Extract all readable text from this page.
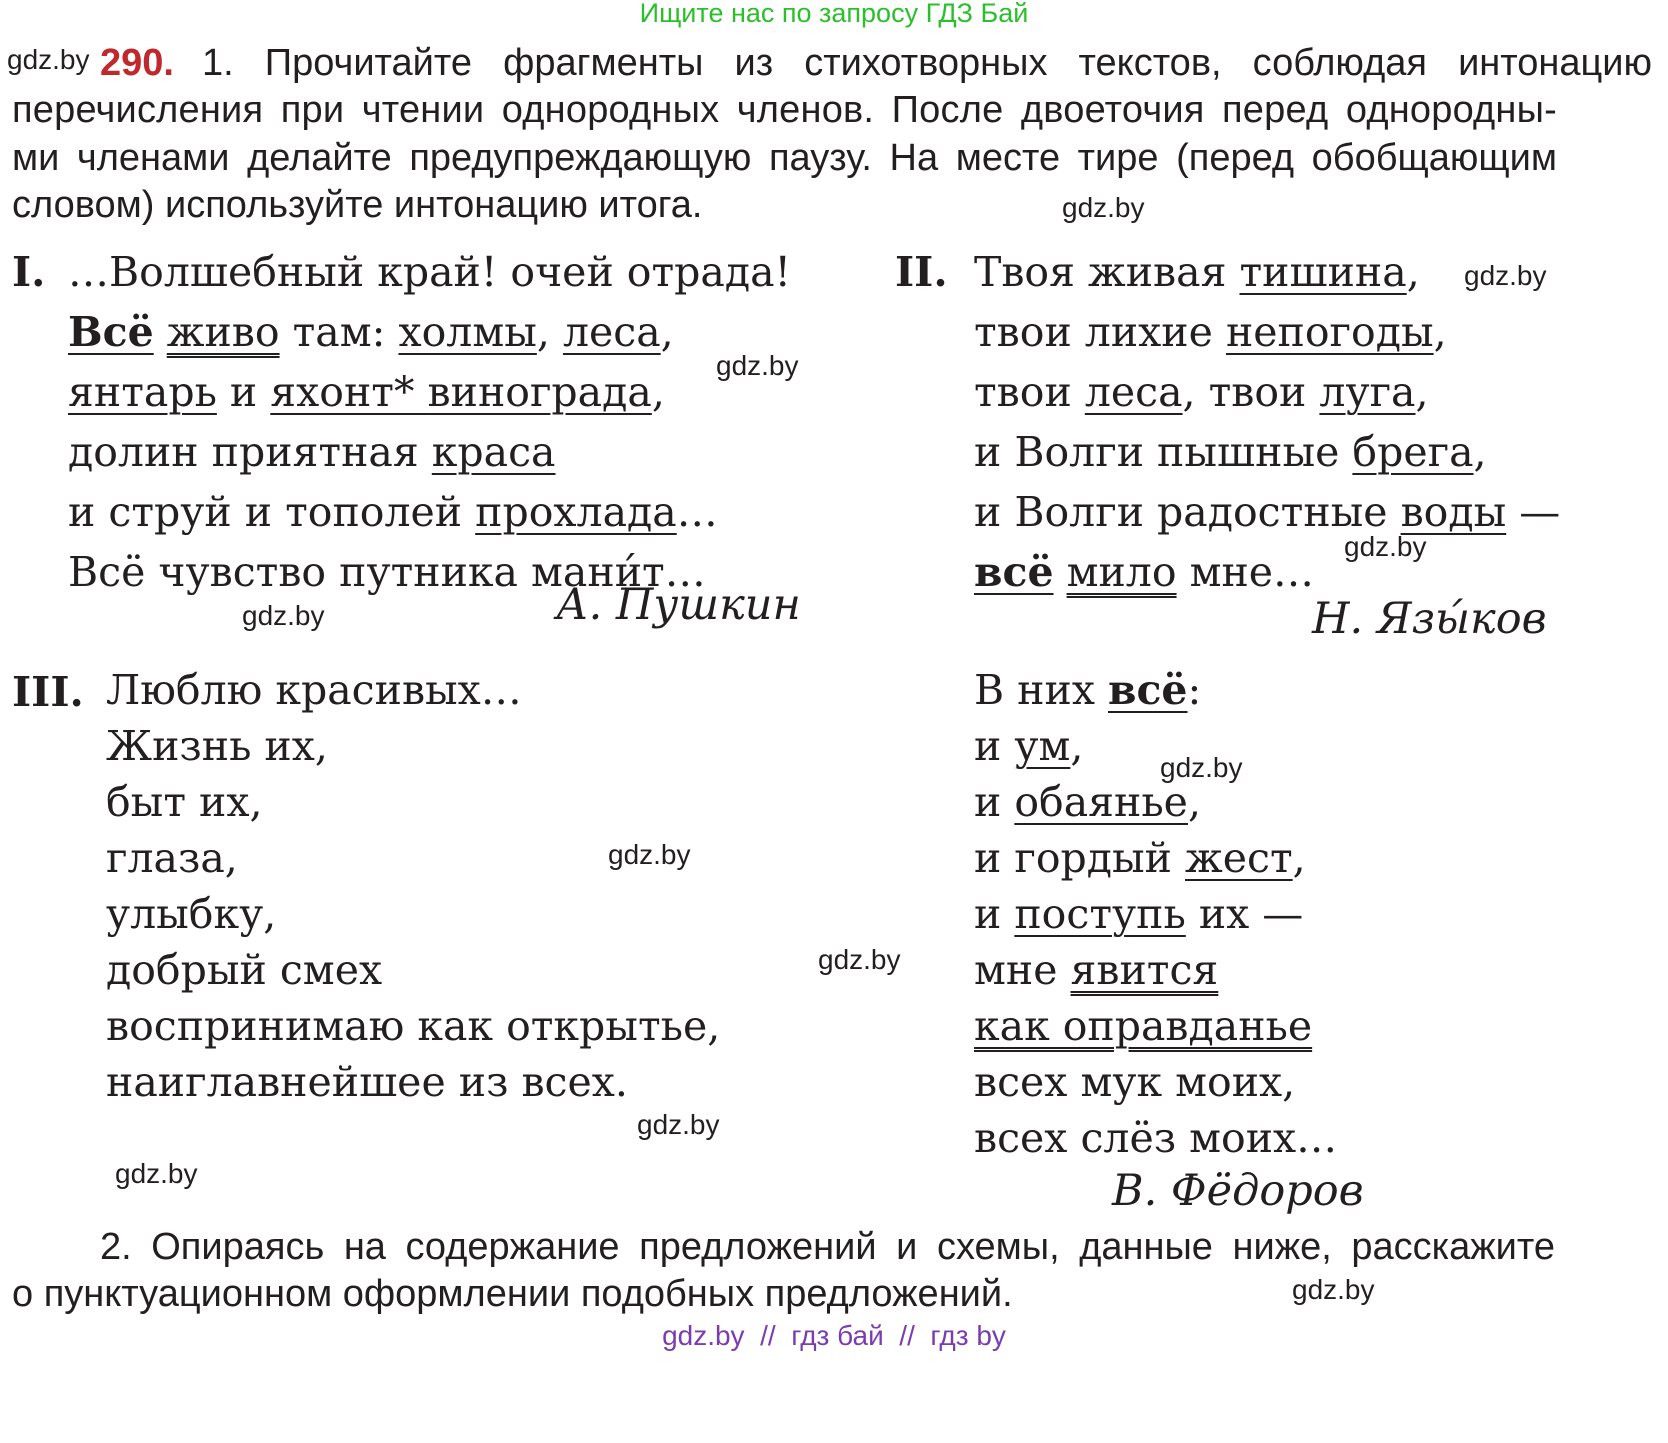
Ищите нас по запросу ГДЗ Бай
gdz.by 290. 1. Прочитайте фрагменты из стихотворных текстов, соблюдая интонацию
перечисления при чтении однородных членов. После двоеточия перед однородны-
ми членами делайте предупреждающую паузу. На месте тире (перед обобщающим
словом) используйте интонацию итога.	gdz.by
I. …Волшебный край! очей отрада!
Всё живо там: холмы, леса,
янтарь и яхонт* винограда,
долин приятная краса
и струй и тополей прохлада…
Всё чувство путника мани́т…
gdz.by
gdz.by	А. Пушкин
II. Твоя живая тишина,
твои лихие непогоды,
твои леса, твои луга,
и Волги пышные брега,
и Волги радостные воды —
всё мило мне…
gdz.by
gdz.by
Н. Язы́ков
III. Люблю красивых…
Жизнь их,
быт их,
глаза,
улыбку,
добрый смех
воспринимаю как открытье,
наиглавнейшее из всех.
gdz.by
gdz.by
gdz.by
gdz.by
В них всё:
и ум,
и обаянье,
и гордый жест,
и поступь их —
мне явится
как оправданье
всех мук моих,
всех слёз моих…
gdz.by
В. Фёдоров
2. Опираясь на содержание предложений и схемы, данные ниже, расскажите
о пунктуационном оформлении подобных предложений.	gdz.by
gdz.by  //  гдз бай  //  гдз by
